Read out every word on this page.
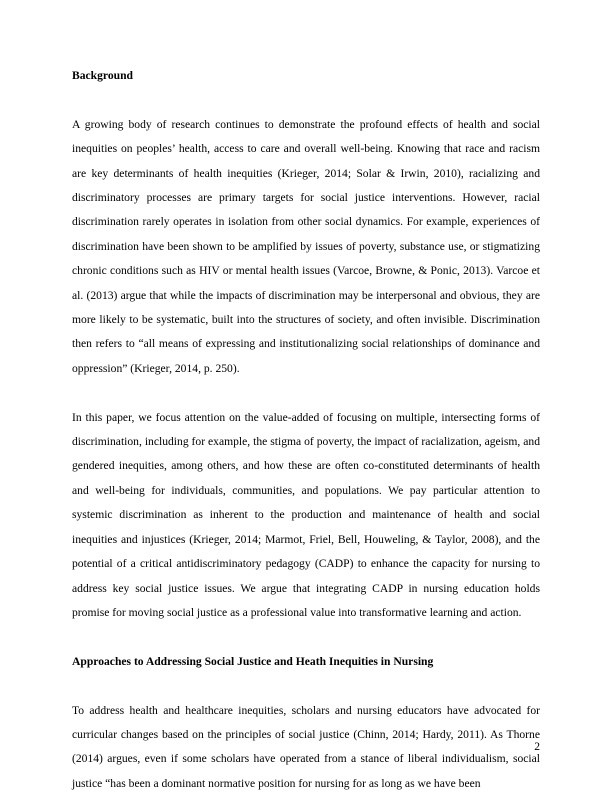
Background

A growing body of research continues to demonstrate the profound effects of health and social inequities on peoples’ health, access to care and overall well-being. Knowing that race and racism are key determinants of health inequities (Krieger, 2014; Solar & Irwin, 2010), racializing and discriminatory processes are primary targets for social justice interventions. However, racial discrimination rarely operates in isolation from other social dynamics. For example, experiences of discrimination have been shown to be amplified by issues of poverty, substance use, or stigmatizing chronic conditions such as HIV or mental health issues (Varcoe, Browne, & Ponic, 2013). Varcoe et al. (2013) argue that while the impacts of discrimination may be interpersonal and obvious, they are more likely to be systematic, built into the structures of society, and often invisible. Discrimination then refers to “all means of expressing and institutionalizing social relationships of dominance and oppression” (Krieger, 2014, p. 250).

In this paper, we focus attention on the value-added of focusing on multiple, intersecting forms of discrimination, including for example, the stigma of poverty, the impact of racialization, ageism, and gendered inequities, among others, and how these are often co-constituted determinants of health and well-being for individuals, communities, and populations. We pay particular attention to systemic discrimination as inherent to the production and maintenance of health and social inequities and injustices (Krieger, 2014; Marmot, Friel, Bell, Houweling, & Taylor, 2008), and the potential of a critical antidiscriminatory pedagogy (CADP) to enhance the capacity for nursing to address key social justice issues. We argue that integrating CADP in nursing education holds promise for moving social justice as a professional value into transformative learning and action.

Approaches to Addressing Social Justice and Heath Inequities in Nursing

To address health and healthcare inequities, scholars and nursing educators have advocated for curricular changes based on the principles of social justice (Chinn, 2014; Hardy, 2011). As Thorne (2014) argues, even if some scholars have operated from a stance of liberal individualism, social justice “has been a dominant normative position for nursing for as long as we have been

2
